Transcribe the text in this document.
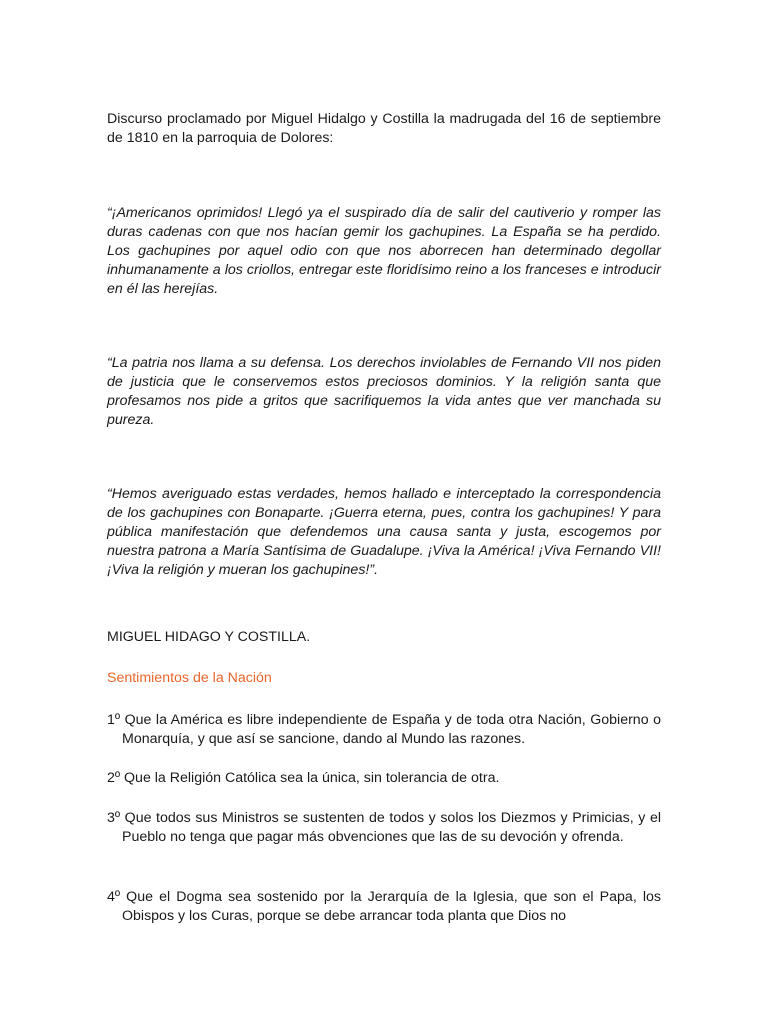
Discurso proclamado por Miguel Hidalgo y Costilla la madrugada del 16 de septiembre de 1810 en la parroquia de Dolores:

“¡Americanos oprimidos! Llegó ya el suspirado día de salir del cautiverio y romper las duras cadenas con que nos hacían gemir los gachupines. La España se ha perdido. Los gachupines por aquel odio con que nos aborrecen han determinado degollar inhumanamente a los criollos, entregar este floridísimo reino a los franceses e introducir en él las herejías.

“La patria nos llama a su defensa. Los derechos inviolables de Fernando VII nos piden de justicia que le conservemos estos preciosos dominios. Y la religión santa que profesamos nos pide a gritos que sacrifiquemos la vida antes que ver manchada su pureza.

“Hemos averiguado estas verdades, hemos hallado e interceptado la correspondencia de los gachupines con Bonaparte. ¡Guerra eterna, pues, contra los gachupines! Y para pública manifestación que defendemos una causa santa y justa, escogemos por nuestra patrona a María Santísima de Guadalupe. ¡Viva la América! ¡Viva Fernando VII! ¡Viva la religión y mueran los gachupines!”.

MIGUEL HIDAGO Y COSTILLA.

Sentimientos de la Nación

1º Que la América es libre independiente de España y de toda otra Nación, Gobierno o Monarquía, y que así se sancione, dando al Mundo las razones.

2º Que la Religión Católica sea la única, sin tolerancia de otra.

3º Que todos sus Ministros se sustenten de todos y solos los Diezmos y Primicias, y el Pueblo no tenga que pagar más obvenciones que las de su devoción y ofrenda.

4º Que el Dogma sea sostenido por la Jerarquía de la Iglesia, que son el Papa, los Obispos y los Curas, porque se debe arrancar toda planta que Dios no
